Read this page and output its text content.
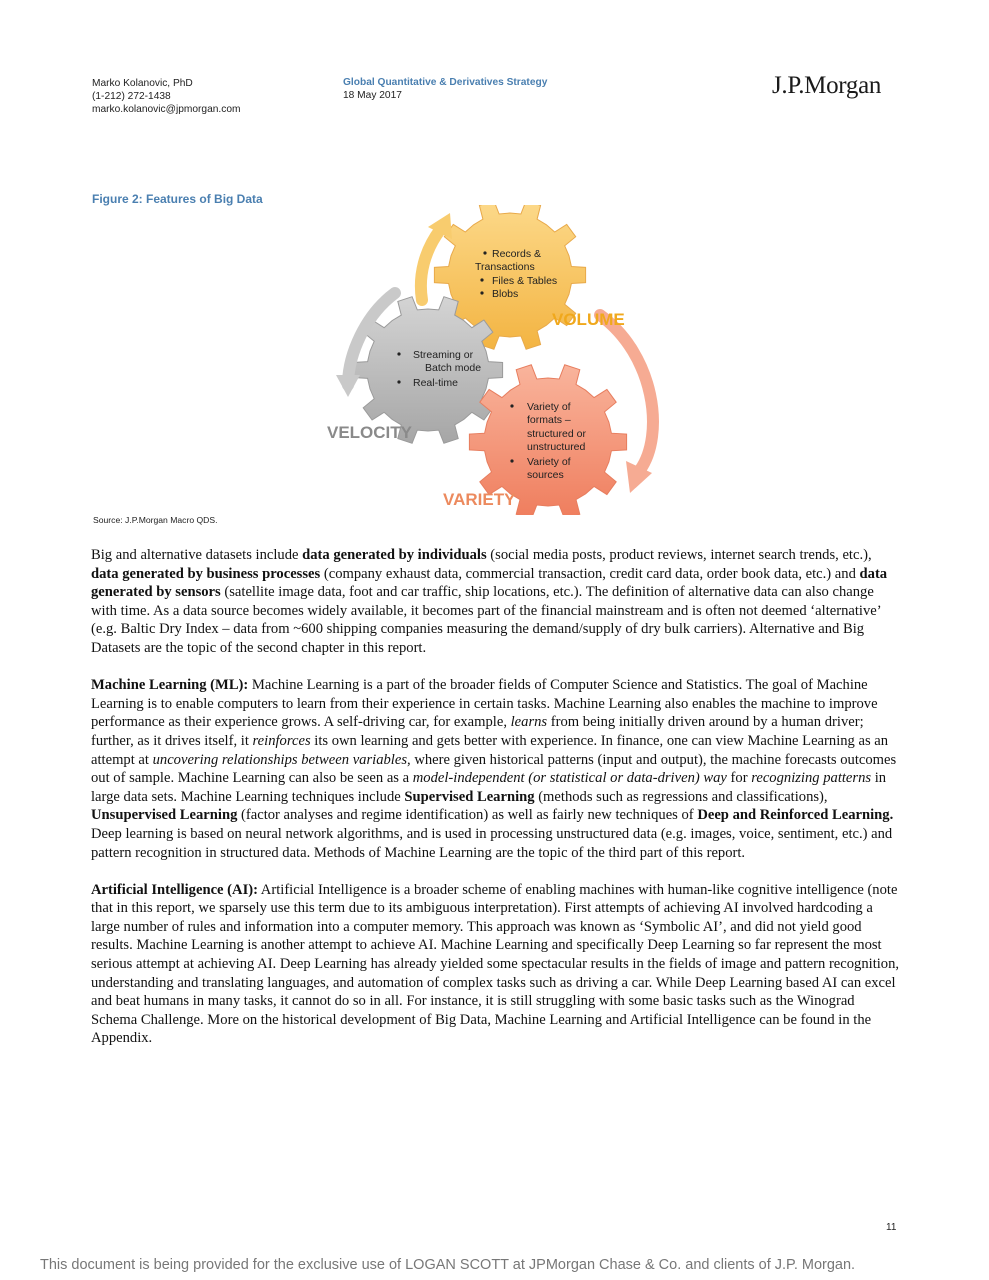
Marko Kolanovic, PhD
(1-212) 272-1438
marko.kolanovic@jpmorgan.com
Global Quantitative & Derivatives Strategy
18 May 2017	J.P.Morgan
Figure 2: Features of Big Data
Records &
Transactions
Files & Tables
Blobs
VOLUME
Streaming or
Batch mode
Real-time
VELOCITY
Variety of
formats –
structured or
unstructured
Variety of
sources
VARIETY
Source: J.P.Morgan Macro QDS.

Big and alternative datasets include data generated by individuals (social media posts, product reviews, internet search trends, etc.), data generated by business processes (company exhaust data, commercial transaction, credit card data, order book data, etc.) and data generated by sensors (satellite image data, foot and car traffic, ship locations, etc.). The definition of alternative data can also change with time. As a data source becomes widely available, it becomes part of the financial mainstream and is often not deemed ‘alternative’ (e.g. Baltic Dry Index – data from ~600 shipping companies measuring the demand/supply of dry bulk carriers). Alternative and Big Datasets are the topic of the second chapter in this report.

Machine Learning (ML): Machine Learning is a part of the broader fields of Computer Science and Statistics. The goal of Machine Learning is to enable computers to learn from their experience in certain tasks. Machine Learning also enables the machine to improve performance as their experience grows. A self-driving car, for example, learns from being initially driven around by a human driver; further, as it drives itself, it reinforces its own learning and gets better with experience. In finance, one can view Machine Learning as an attempt at uncovering relationships between variables, where given historical patterns (input and output), the machine forecasts outcomes out of sample. Machine Learning can also be seen as a model-independent (or statistical or data-driven) way for recognizing patterns in large data sets. Machine Learning techniques include Supervised Learning (methods such as regressions and classifications), Unsupervised Learning (factor analyses and regime identification) as well as fairly new techniques of Deep and Reinforced Learning. Deep learning is based on neural network algorithms, and is used in processing unstructured data (e.g. images, voice, sentiment, etc.) and pattern recognition in structured data. Methods of Machine Learning are the topic of the third part of this report.

Artificial Intelligence (AI): Artificial Intelligence is a broader scheme of enabling machines with human-like cognitive intelligence (note that in this report, we sparsely use this term due to its ambiguous interpretation). First attempts of achieving AI involved hardcoding a large number of rules and information into a computer memory. This approach was known as ‘Symbolic AI’, and did not yield good results. Machine Learning is another attempt to achieve AI. Machine Learning and specifically Deep Learning so far represent the most serious attempt at achieving AI. Deep Learning has already yielded some spectacular results in the fields of image and pattern recognition, understanding and translating languages, and automation of complex tasks such as driving a car. While Deep Learning based AI can excel and beat humans in many tasks, it cannot do so in all. For instance, it is still struggling with some basic tasks such as the Winograd Schema Challenge. More on the historical development of Big Data, Machine Learning and Artificial Intelligence can be found in the Appendix.

11
This document is being provided for the exclusive use of LOGAN SCOTT at JPMorgan Chase & Co. and clients of J.P. Morgan.
